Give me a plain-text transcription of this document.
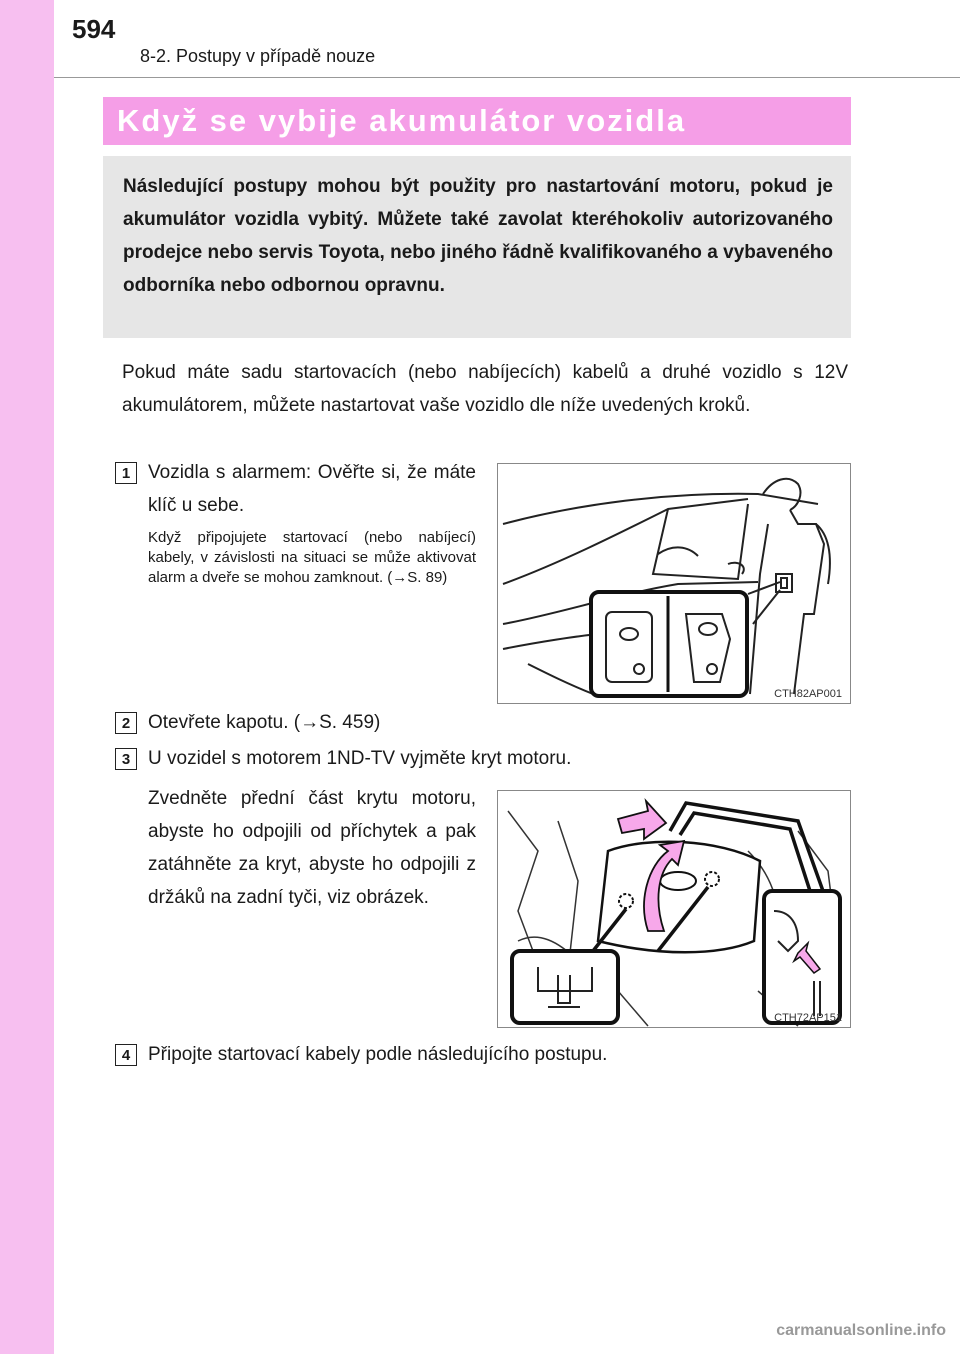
594
8-2. Postupy v případě nouze
Když se vybije akumulátor vozidla

Následující postupy mohou být použity pro nastartování motoru, pokud je akumulátor vozidla vybitý. Můžete také zavolat kteréhokoliv autorizovaného prodejce nebo servis Toyota, nebo jiného řádně kvalifikovaného a vybaveného odborníka nebo odbornou opravnu.

Pokud máte sadu startovacích (nebo nabíjecích) kabelů a druhé vozidlo s 12V akumulátorem, můžete nastartovat vaše vozidlo dle níže uvedených kroků.
1 Vozidla s alarmem: Ověřte si, že máte klíč u sebe.
Když připojujete startovací (nebo nabíjecí) kabely, v závislosti na situaci se může aktivovat alarm a dveře se mohou zamknout. (→S. 89)
CTH82AP001
2 Otevřete kapotu. (→S. 459)
3 U vozidel s motorem 1ND-TV vyjměte kryt motoru.
Zvedněte přední část krytu motoru, abyste ho odpojili od příchytek a pak zatáhněte za kryt, abyste ho odpojili z držáků na zadní tyči, viz obrázek.
CTH72AP151
4 Připojte startovací kabely podle následujícího postupu.
carmanualsonline.info
